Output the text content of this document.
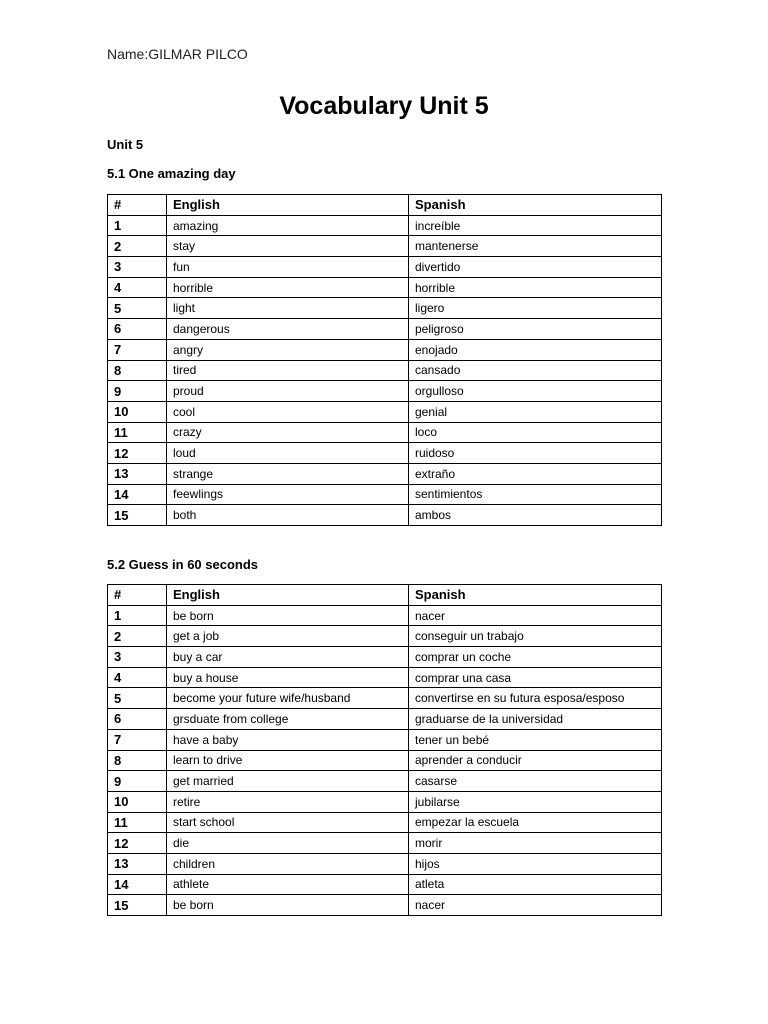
Name:GILMAR PILCO
Vocabulary Unit 5
Unit 5
5.1 One amazing day
#	English	Spanish
1	amazing	increíble
2	stay	mantenerse
3	fun	divertido
4	horrible	horrible
5	light	ligero
6	dangerous	peligroso
7	angry	enojado
8	tired	cansado
9	proud	orgulloso
10	cool	genial
11	crazy	loco
12	loud	ruidoso
13	strange	extraño
14	feewlings	sentimientos
15	both	ambos
5.2 Guess in 60 seconds
#	English	Spanish
1	be born	nacer
2	get a job	conseguir un trabajo
3	buy a car	comprar un coche
4	buy a house	comprar una casa
5	become your future wife/husband	convertirse en su futura esposa/esposo
6	grsduate from college	graduarse de la universidad
7	have a baby	tener un bebé
8	learn to drive	aprender a conducir
9	get married	casarse
10	retire	jubilarse
11	start school	empezar la escuela
12	die	morir
13	children	hijos
14	athlete	atleta
15	be born	nacer
